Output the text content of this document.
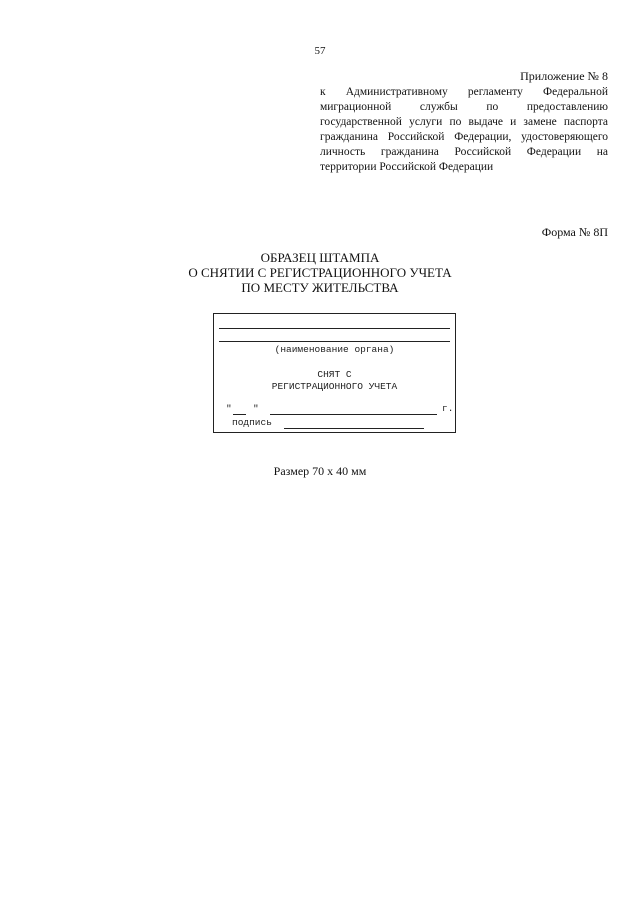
57
Приложение № 8
к Административному регламенту Федеральной миграционной службы по предоставлению государственной услуги по выдаче и замене паспорта гражданина Российской Федерации, удостоверяющего личность гражданина Российской Федерации на территории Российской Федерации
Форма № 8П
ОБРАЗЕЦ ШТАМПА
О СНЯТИИ С РЕГИСТРАЦИОННОГО УЧЕТА
ПО МЕСТУ ЖИТЕЛЬСТВА
(наименование органа)
СНЯТ С
РЕГИСТРАЦИОННОГО УЧЕТА
" "	г.
подпись
Размер 70 х 40 мм
